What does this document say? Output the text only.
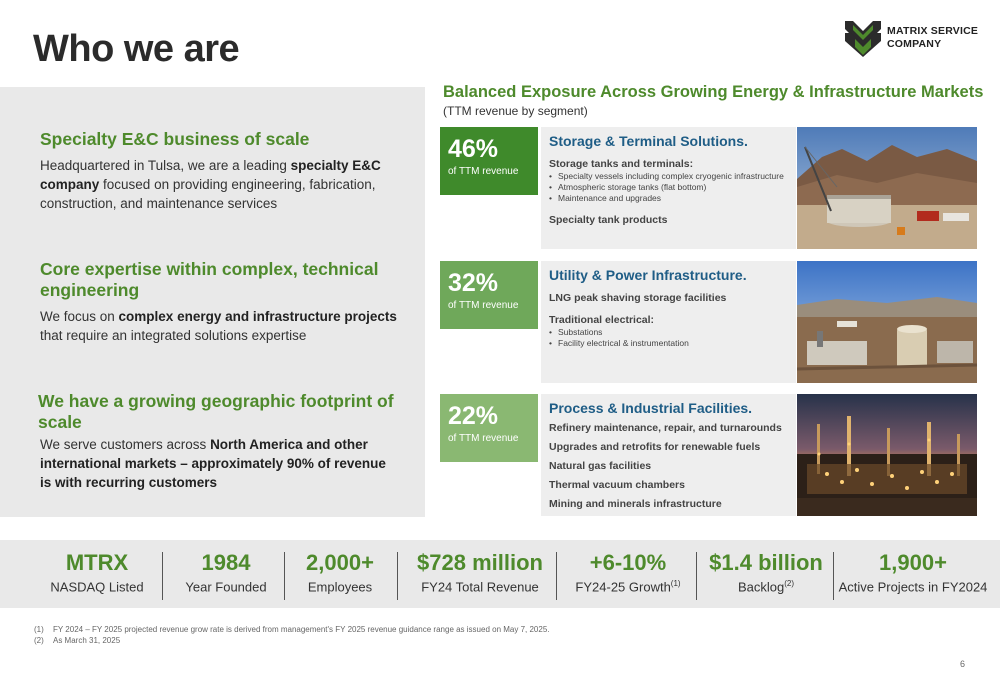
Who we are	MATRIX SERVICE
COMPANY
Specialty E&C business of scale
Headquartered in Tulsa, we are a leading specialty E&C company focused on providing engineering, fabrication, construction, and maintenance services
Core expertise within complex, technical engineering
We focus on complex energy and infrastructure projects that require an integrated solutions expertise
We have a growing geographic footprint of scale
We serve customers across North America and other international markets – approximately 90% of revenue is with recurring customers
Balanced Exposure Across Growing Energy & Infrastructure Markets
(TTM revenue by segment)
46%
of TTM revenue
Storage & Terminal Solutions.
Storage tanks and terminals:
• Specialty vessels including complex cryogenic infrastructure
• Atmospheric storage tanks (flat bottom)
• Maintenance and upgrades
Specialty tank products
32%
of TTM revenue
Utility & Power Infrastructure.
LNG peak shaving storage facilities
Traditional electrical:
• Substations
• Facility electrical & instrumentation
22%
of TTM revenue
Process & Industrial Facilities.
Refinery maintenance, repair, and turnarounds
Upgrades and retrofits for renewable fuels
Natural gas facilities
Thermal vacuum chambers
Mining and minerals infrastructure
MTRX
NASDAQ Listed
1984
Year Founded
2,000+
Employees
$728 million
FY24 Total Revenue
+6-10%
FY24-25 Growth$^{(1)}$
$1.4 billion
Backlog$^{(2)}$
1,900+
Active Projects in FY2024
(1) FY 2024 – FY 2025 projected revenue grow rate is derived from management's FY 2025 revenue guidance range as issued on May 7, 2025.
(2) As March 31, 2025
6
